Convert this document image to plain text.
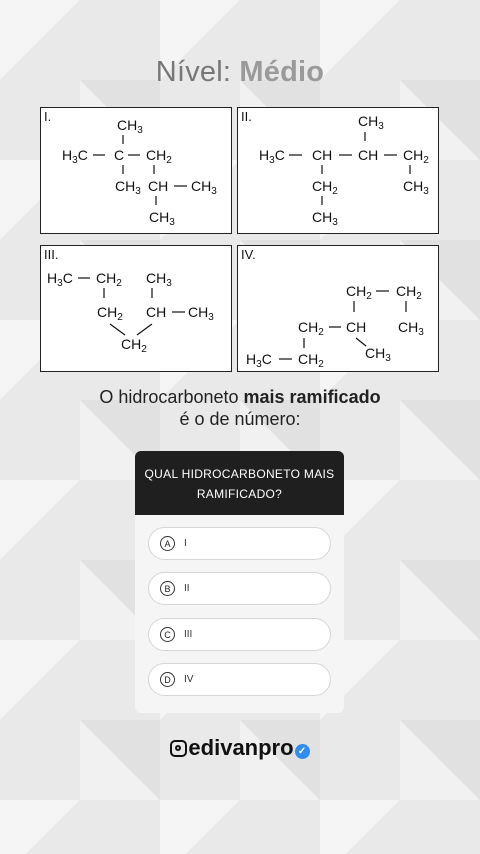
Nível: Médio
I.
$CH_3$
$H_3C$ C $CH_2$
$CH_3$ CH $CH_3$
$CH_3$
II.	$CH_3$
$H_3C$ CH CH $CH_2$
$CH_2$	$CH_3$
$CH_3$
III.
$H_3C$ $CH_2$ $CH_3$
$CH_2$ CH $CH_3$
$CH_2$
IV.
$CH_2$ $CH_2$
$CH_2$ CH $CH_3$
$CH_3$
$H_3C$ $CH_2$
O hidrocarboneto mais ramificado
é o de número:
QUAL HIDROCARBONETO MAIS RAMIFICADO?
A	I
B	II
C	III
D	IV
edivanpro ✓
